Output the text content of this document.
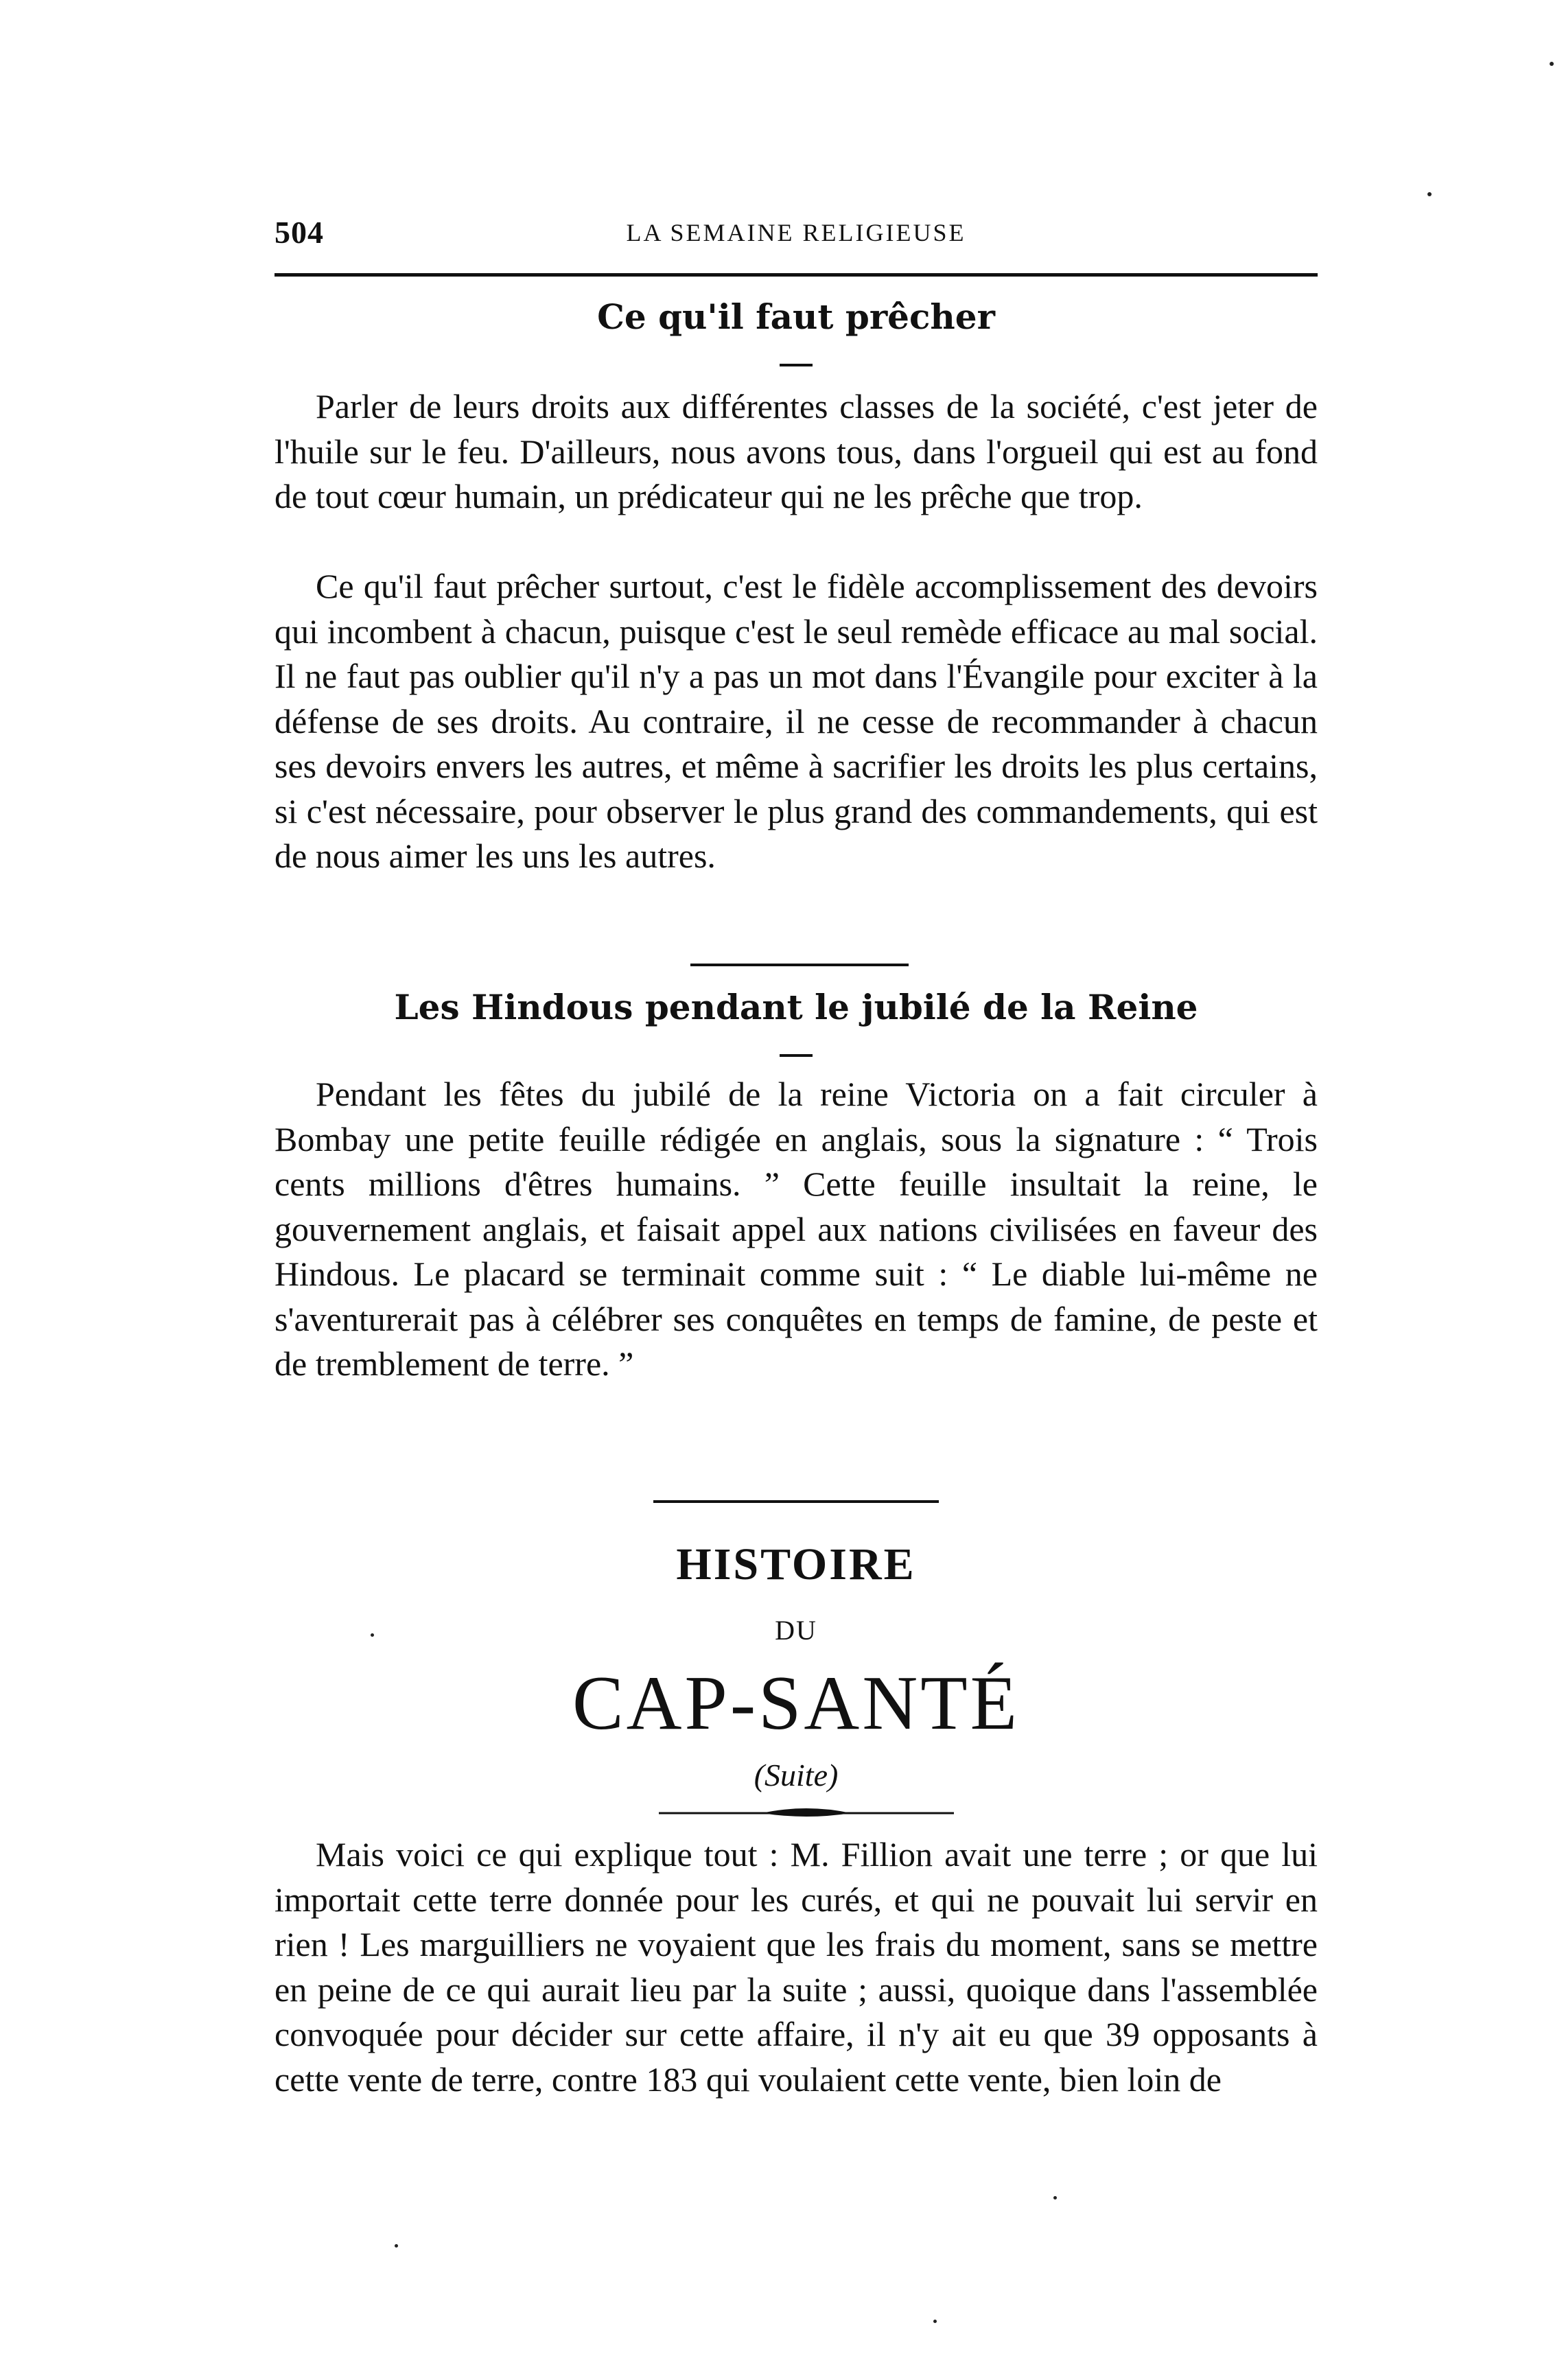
504	LA SEMAINE RELIGIEUSE
Ce qu'il faut prêcher

Parler de leurs droits aux différentes classes de la société, c'est jeter de l'huile sur le feu. D'ailleurs, nous avons tous, dans l'orgueil qui est au fond de tout cœur humain, un prédicateur qui ne les prêche que trop.

Ce qu'il faut prêcher surtout, c'est le fidèle accomplissement des devoirs qui incombent à chacun, puisque c'est le seul remède efficace au mal social. Il ne faut pas oublier qu'il n'y a pas un mot dans l'Évangile pour exciter à la défense de ses droits. Au contraire, il ne cesse de recommander à chacun ses devoirs envers les autres, et même à sacrifier les droits les plus certains, si c'est nécessaire, pour observer le plus grand des commandements, qui est de nous aimer les uns les autres.

Les Hindous pendant le jubilé de la Reine

Pendant les fêtes du jubilé de la reine Victoria on a fait circuler à Bombay une petite feuille rédigée en anglais, sous la signature : “ Trois cents millions d'êtres humains. ” Cette feuille insultait la reine, le gouvernement anglais, et faisait appel aux nations civilisées en faveur des Hindous. Le placard se terminait comme suit : “ Le diable lui-même ne s'aventurerait pas à célébrer ses conquêtes en temps de famine, de peste et de tremblement de terre. ”

HISTOIRE
DU
CAP-SANTÉ
(Suite)

Mais voici ce qui explique tout : M. Fillion avait une terre ; or que lui importait cette terre donnée pour les curés, et qui ne pouvait lui servir en rien ! Les marguilliers ne voyaient que les frais du moment, sans se mettre en peine de ce qui aurait lieu par la suite ; aussi, quoique dans l'assemblée convoquée pour décider sur cette affaire, il n'y ait eu que 39 opposants à cette vente de terre, contre 183 qui voulaient cette vente, bien loin de
